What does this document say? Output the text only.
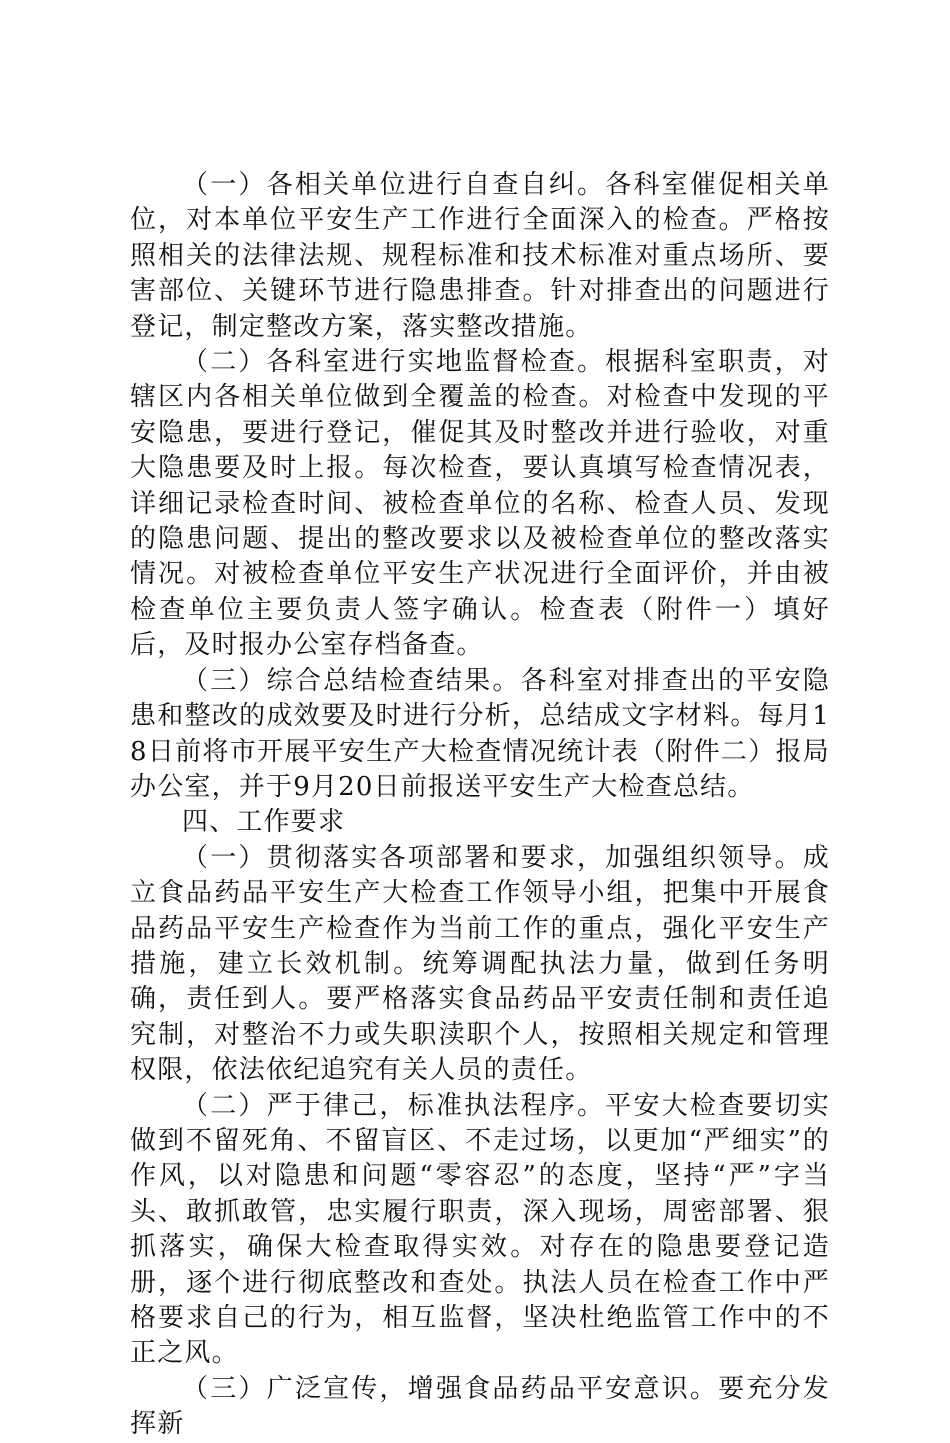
（一）各相关单位进行自查自纠。各科室催促相关单位，对本单位平安生产工作进行全面深入的检查。严格按照相关的法律法规、规程标准和技术标准对重点场所、要害部位、关键环节进行隐患排查。针对排查出的问题进行登记，制定整改方案，落实整改措施。

（二）各科室进行实地监督检查。根据科室职责，对辖区内各相关单位做到全覆盖的检查。对检查中发现的平安隐患，要进行登记，催促其及时整改并进行验收，对重大隐患要及时上报。每次检查，要认真填写检查情况表，详细记录检查时间、被检查单位的名称、检查人员、发现的隐患问题、提出的整改要求以及被检查单位的整改落实情况。对被检查单位平安生产状况进行全面评价，并由被检查单位主要负责人签字确认。检查表（附件一）填好后，及时报办公室存档备查。

（三）综合总结检查结果。各科室对排查出的平安隐患和整改的成效要及时进行分析，总结成文字材料。每月18日前将市开展平安生产大检查情况统计表（附件二）报局办公室，并于9月20日前报送平安生产大检查总结。

四、工作要求

（一）贯彻落实各项部署和要求，加强组织领导。成立食品药品平安生产大检查工作领导小组，把集中开展食品药品平安生产检查作为当前工作的重点，强化平安生产措施，建立长效机制。统筹调配执法力量，做到任务明确，责任到人。要严格落实食品药品平安责任制和责任追究制，对整治不力或失职渎职个人，按照相关规定和管理权限，依法依纪追究有关人员的责任。

（二）严于律己，标准执法程序。平安大检查要切实做到不留死角、不留盲区、不走过场，以更加“严细实”的作风，以对隐患和问题“零容忍”的态度，坚持“严”字当头、敢抓敢管，忠实履行职责，深入现场，周密部署、狠抓落实，确保大检查取得实效。对存在的隐患要登记造册，逐个进行彻底整改和查处。执法人员在检查工作中严格要求自己的行为，相互监督，坚决杜绝监管工作中的不正之风。

（三）广泛宣传，增强食品药品平安意识。要充分发挥新
